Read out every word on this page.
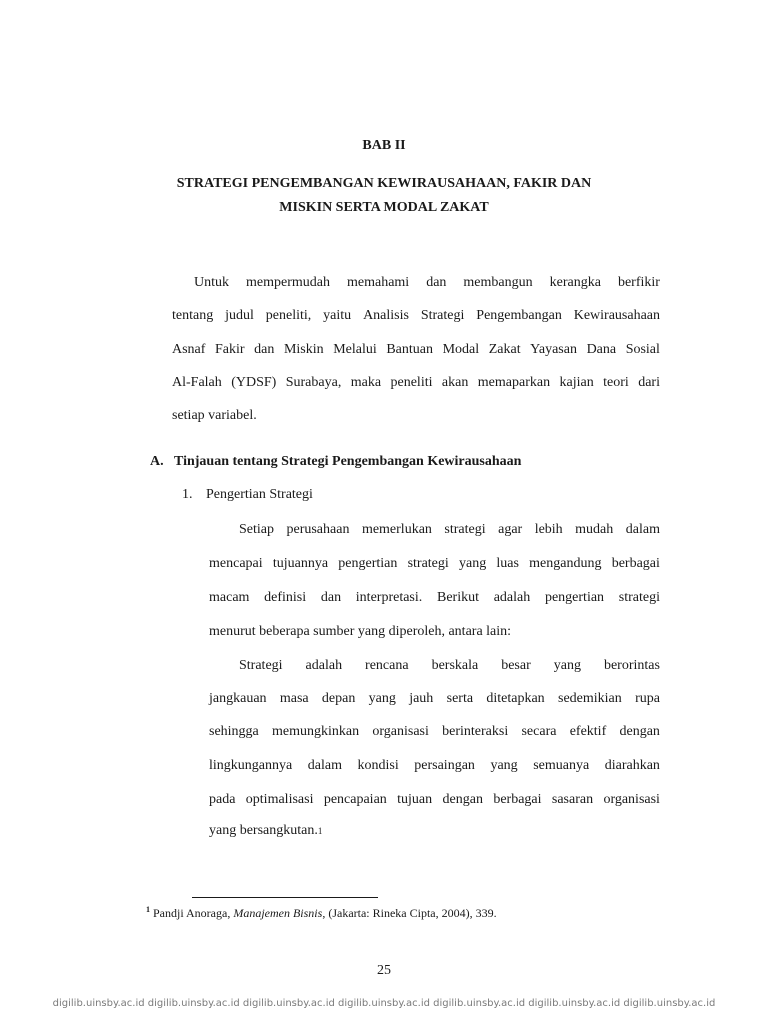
BAB II

STRATEGI PENGEMBANGAN KEWIRAUSAHAAN, FAKIR DAN

MISKIN SERTA MODAL ZAKAT

Untuk mempermudah memahami dan membangun kerangka berfikir

tentang judul peneliti, yaitu Analisis Strategi Pengembangan Kewirausahaan

Asnaf Fakir dan Miskin Melalui Bantuan Modal Zakat Yayasan Dana Sosial

Al-Falah (YDSF) Surabaya, maka peneliti akan memaparkan kajian teori dari

setiap variabel.

A. Tinjauan tentang Strategi Pengembangan Kewirausahaan

1. Pengertian Strategi

Setiap perusahaan memerlukan strategi agar lebih mudah dalam

mencapai tujuannya pengertian strategi yang luas mengandung berbagai

macam definisi dan interpretasi. Berikut adalah pengertian strategi

menurut beberapa sumber yang diperoleh, antara lain:

Strategi adalah rencana berskala besar yang berorintas

jangkauan masa depan yang jauh serta ditetapkan sedemikian rupa

sehingga memungkinkan organisasi berinteraksi secara efektif dengan

lingkungannya dalam kondisi persaingan yang semuanya diarahkan

pada optimalisasi pencapaian tujuan dengan berbagai sasaran organisasi

yang bersangkutan. 1

$^1$ Pandji Anoraga, Manajemen Bisnis, (Jakarta: Rineka Cipta, 2004), 339.

25

digilib.uinsby.ac.id digilib.uinsby.ac.id digilib.uinsby.ac.id digilib.uinsby.ac.id digilib.uinsby.ac.id digilib.uinsby.ac.id digilib.uinsby.ac.id
